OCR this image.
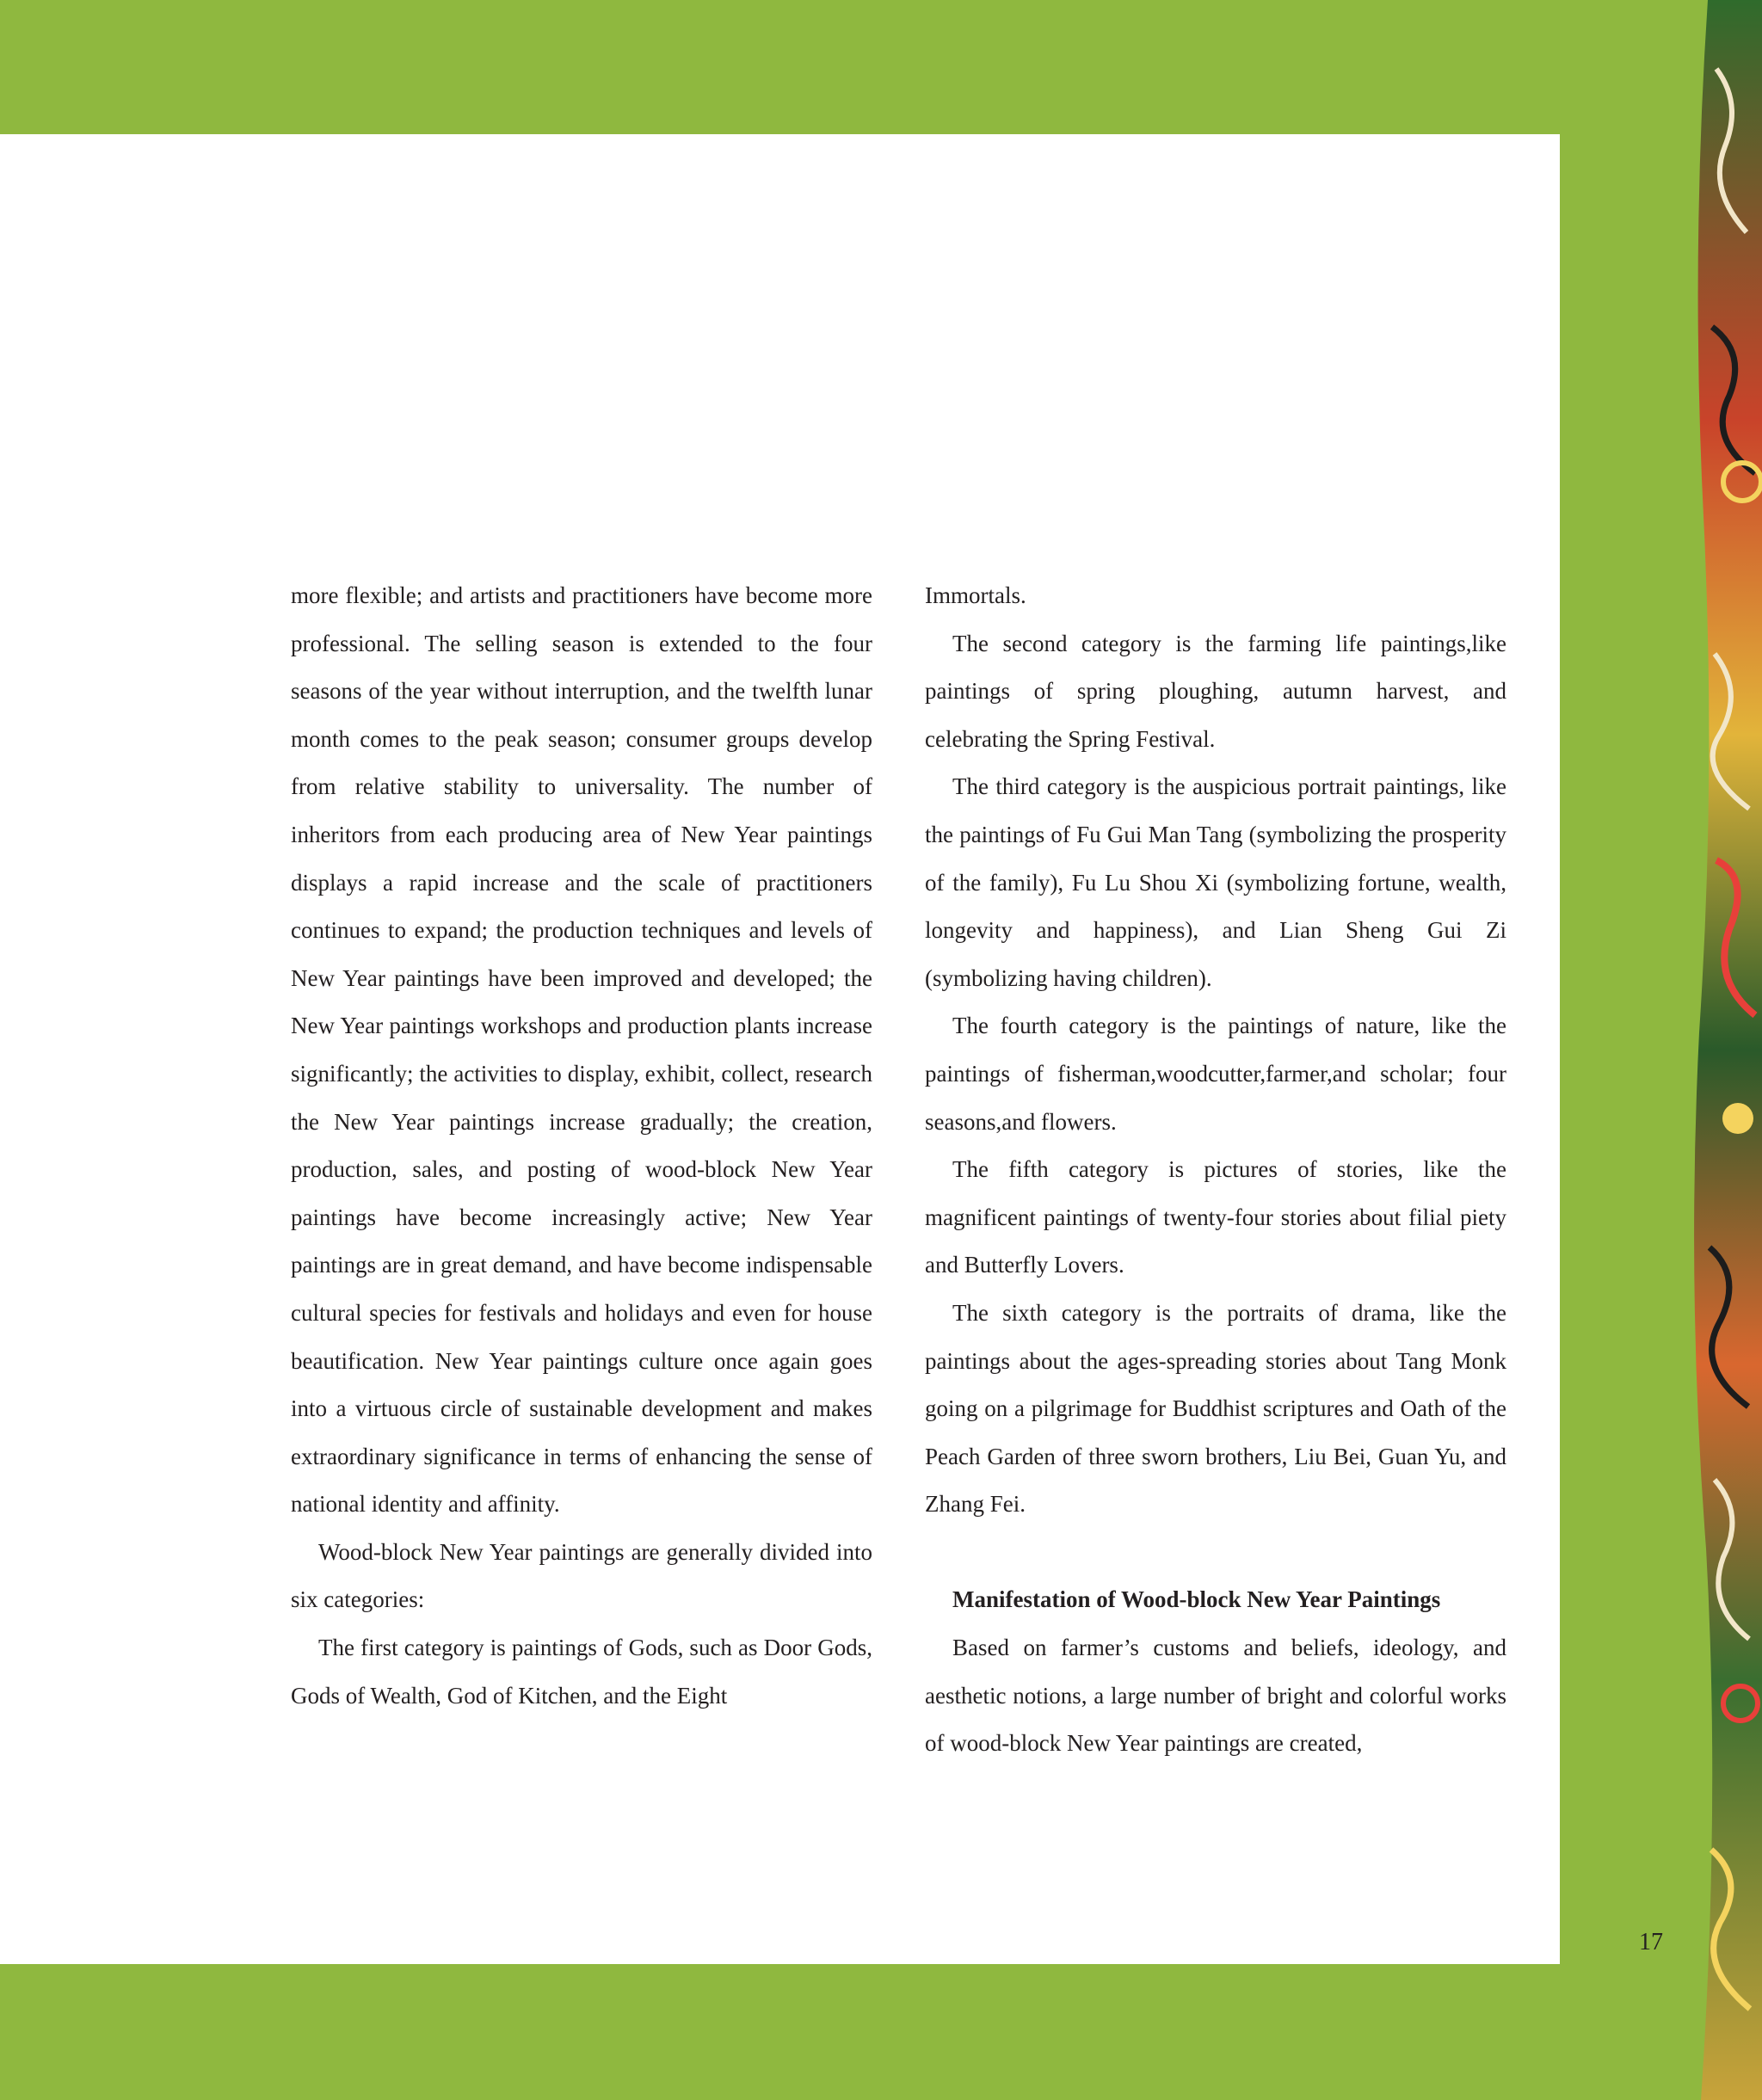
more flexible; and artists and practitioners have become more professional. The selling season is extended to the four seasons of the year without interruption, and the twelfth lunar month comes to the peak season; consumer groups develop from relative stability to universality. The number of inheritors from each producing area of New Year paintings displays a rapid increase and the scale of practitioners continues to expand; the production techniques and levels of New Year paintings have been improved and developed; the New Year paintings workshops and production plants increase significantly; the activities to display, exhibit, collect, research the New Year paintings increase gradually; the creation, production, sales, and posting of wood-block New Year paintings have become increasingly active; New Year paintings are in great demand, and have become indispensable cultural species for festivals and holidays and even for house beautification. New Year paintings culture once again goes into a virtuous circle of sustainable development and makes extraordinary significance in terms of enhancing the sense of national identity and affinity.

Wood-block New Year paintings are generally divided into six categories:

The first category is paintings of Gods, such as Door Gods, Gods of Wealth, God of Kitchen, and the Eight

Immortals.

The second category is the farming life paintings,like paintings of spring ploughing, autumn harvest, and celebrating the Spring Festival.

The third category is the auspicious portrait paintings, like the paintings of Fu Gui Man Tang (symbolizing the prosperity of the family), Fu Lu Shou Xi (symbolizing fortune, wealth, longevity and happiness), and Lian Sheng Gui Zi (symbolizing having children).

The fourth category is the paintings of nature, like the paintings of fisherman,woodcutter,farmer,and scholar; four seasons,and flowers.

The fifth category is pictures of stories, like the magnificent paintings of twenty-four stories about filial piety and Butterfly Lovers.

The sixth category is the portraits of drama, like the paintings about the ages-spreading stories about Tang Monk going on a pilgrimage for Buddhist scriptures and Oath of the Peach Garden of three sworn brothers, Liu Bei, Guan Yu, and Zhang Fei.

Manifestation of Wood-block New Year Paintings

Based on farmer’s customs and beliefs, ideology, and aesthetic notions, a large number of bright and colorful works of wood-block New Year paintings are created,

17
